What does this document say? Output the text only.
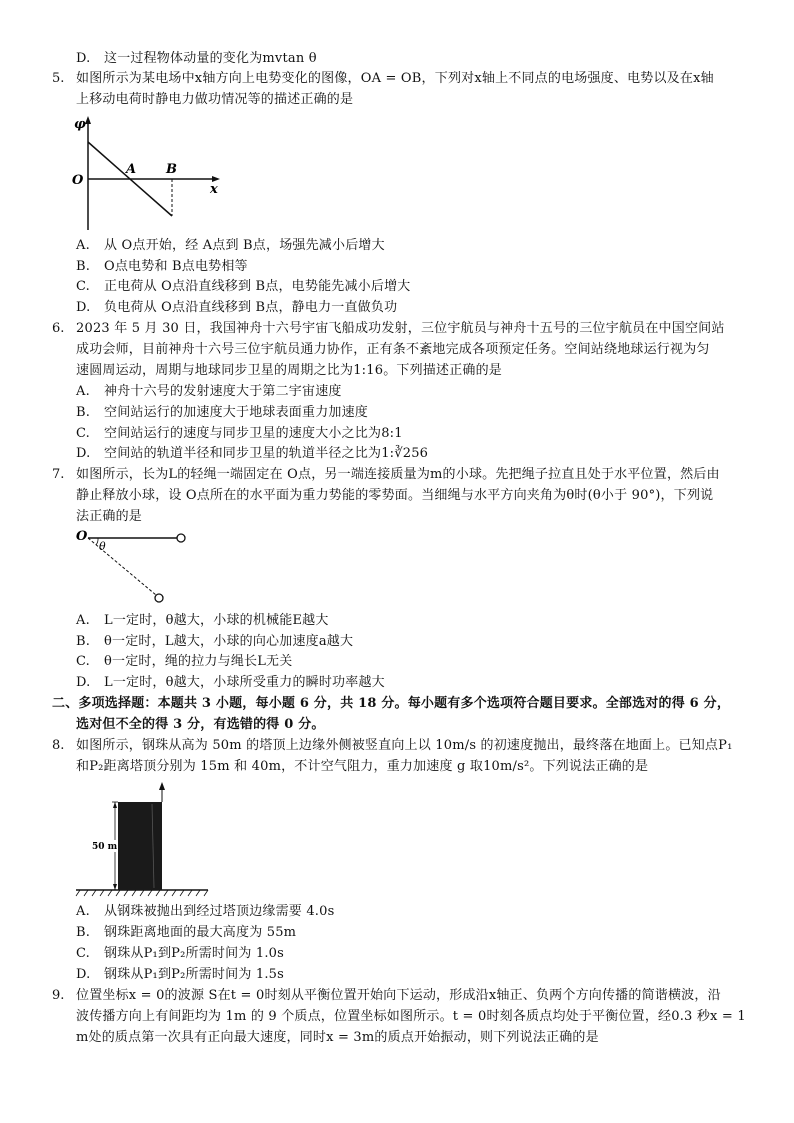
D. 这一过程物体动量的变化为mvtan θ
5. 如图所示为某电场中x轴方向上电势变化的图像，OA = OB，下列对x轴上不同点的电场强度、电势以及在x轴
上移动电荷时静电力做功情况等的描述正确的是
φ
O
A B
x
A. 从 O点开始，经 A点到 B点，场强先减小后增大
B. O点电势和 B点电势相等
C. 正电荷从 O点沿直线移到 B点，电势能先减小后增大
D. 负电荷从 O点沿直线移到 B点，静电力一直做负功
6. 2023 年 5 月 30 日，我国神舟十六号宇宙飞船成功发射，三位宇航员与神舟十五号的三位宇航员在中国空间站
成功会师，目前神舟十六号三位宇航员通力协作，正有条不紊地完成各项预定任务。空间站绕地球运行视为匀
速圆周运动，周期与地球同步卫星的周期之比为1:16。下列描述正确的是
A. 神舟十六号的发射速度大于第二宇宙速度
B. 空间站运行的加速度大于地球表面重力加速度
C. 空间站运行的速度与同步卫星的速度大小之比为8:1
D. 空间站的轨道半径和同步卫星的轨道半径之比为1:∛256
7. 如图所示，长为L的轻绳一端固定在 O点，另一端连接质量为m的小球。先把绳子拉直且处于水平位置，然后由
静止释放小球，设 O点所在的水平面为重力势能的零势面。当细绳与水平方向夹角为θ时(θ小于 90°)，下列说
法正确的是
O
θ
A. L一定时，θ越大，小球的机械能E越大
B. θ一定时，L越大，小球的向心加速度a越大
C. θ一定时，绳的拉力与绳长L无关
D. L一定时，θ越大，小球所受重力的瞬时功率越大
二、多项选择题：本题共 3 小题，每小题 6 分，共 18 分。每小题有多个选项符合题目要求。全部选对的得 6 分，
选对但不全的得 3 分，有选错的得 0 分。
8. 如图所示，钢珠从高为 50m 的塔顶上边缘外侧被竖直向上以 10m/s 的初速度抛出，最终落在地面上。已知点P₁
和P₂距离塔顶分别为 15m 和 40m，不计空气阻力，重力加速度 g 取10m/s²。下列说法正确的是
50 m
A. 从钢珠被抛出到经过塔顶边缘需要 4.0s
B. 钢珠距离地面的最大高度为 55m
C. 钢珠从P₁到P₂所需时间为 1.0s
D. 钢珠从P₁到P₂所需时间为 1.5s
9. 位置坐标x = 0的波源 S在t = 0时刻从平衡位置开始向下运动，形成沿x轴正、负两个方向传播的简谐横波，沿
波传播方向上有间距均为 1m 的 9 个质点，位置坐标如图所示。t = 0时刻各质点均处于平衡位置，经0.3 秒x = 1
m处的质点第一次具有正向最大速度，同时x = 3m的质点开始振动，则下列说法正确的是
